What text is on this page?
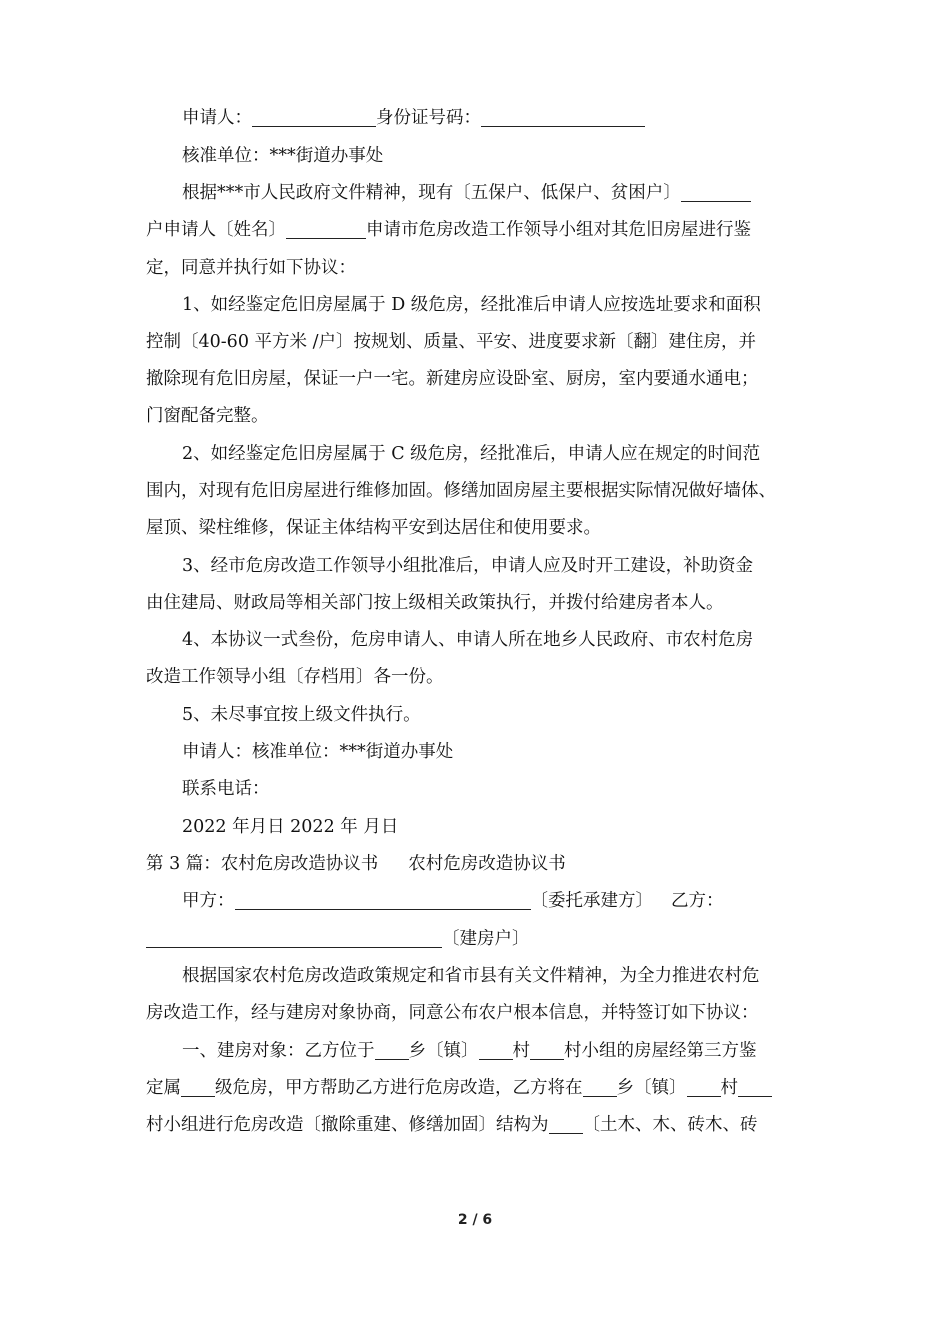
申请人：	身份证号码：
核准单位：***街道办事处
根据***市人民政府文件精神，现有〔五保户、低保户、贫困户〕
户申请人〔姓名〕	申请市危房改造工作领导小组对其危旧房屋进行鉴
定，同意并执行如下协议：
1、如经鉴定危旧房屋属于 D 级危房，经批准后申请人应按选址要求和面积
控制〔40-60 平方米 /户〕按规划、质量、平安、进度要求新〔翻〕建住房，并
撤除现有危旧房屋，保证一户一宅。新建房应设卧室、厨房，室内要通水通电；
门窗配备完整。
2、如经鉴定危旧房屋属于 C 级危房，经批准后，申请人应在规定的时间范
围内，对现有危旧房屋进行维修加固。修缮加固房屋主要根据实际情况做好墙体、
屋顶、梁柱维修，保证主体结构平安到达居住和使用要求。
3、经市危房改造工作领导小组批准后，申请人应及时开工建设，补助资金
由住建局、财政局等相关部门按上级相关政策执行，并拨付给建房者本人。
4、本协议一式叁份，危房申请人、申请人所在地乡人民政府、市农村危房
改造工作领导小组〔存档用〕各一份。
5、未尽事宜按上级文件执行。
申请人：核准单位：***街道办事处
联系电话：
2022 年月日 2022 年 月日
第 3 篇：农村危房改造协议书 农村危房改造协议书
甲方：	〔委托承建方〕 乙方：
〔建房户〕
根据国家农村危房改造政策规定和省市县有关文件精神，为全力推进农村危
房改造工作，经与建房对象协商，同意公布农户根本信息，并特签订如下协议：
一、建房对象：乙方位于 乡〔镇〕 村 村小组的房屋经第三方鉴
定属 级危房，甲方帮助乙方进行危房改造，乙方将在 乡〔镇〕 村
村小组进行危房改造〔撤除重建、修缮加固〕结构为 〔土木、木、砖木、砖
2 / 6
